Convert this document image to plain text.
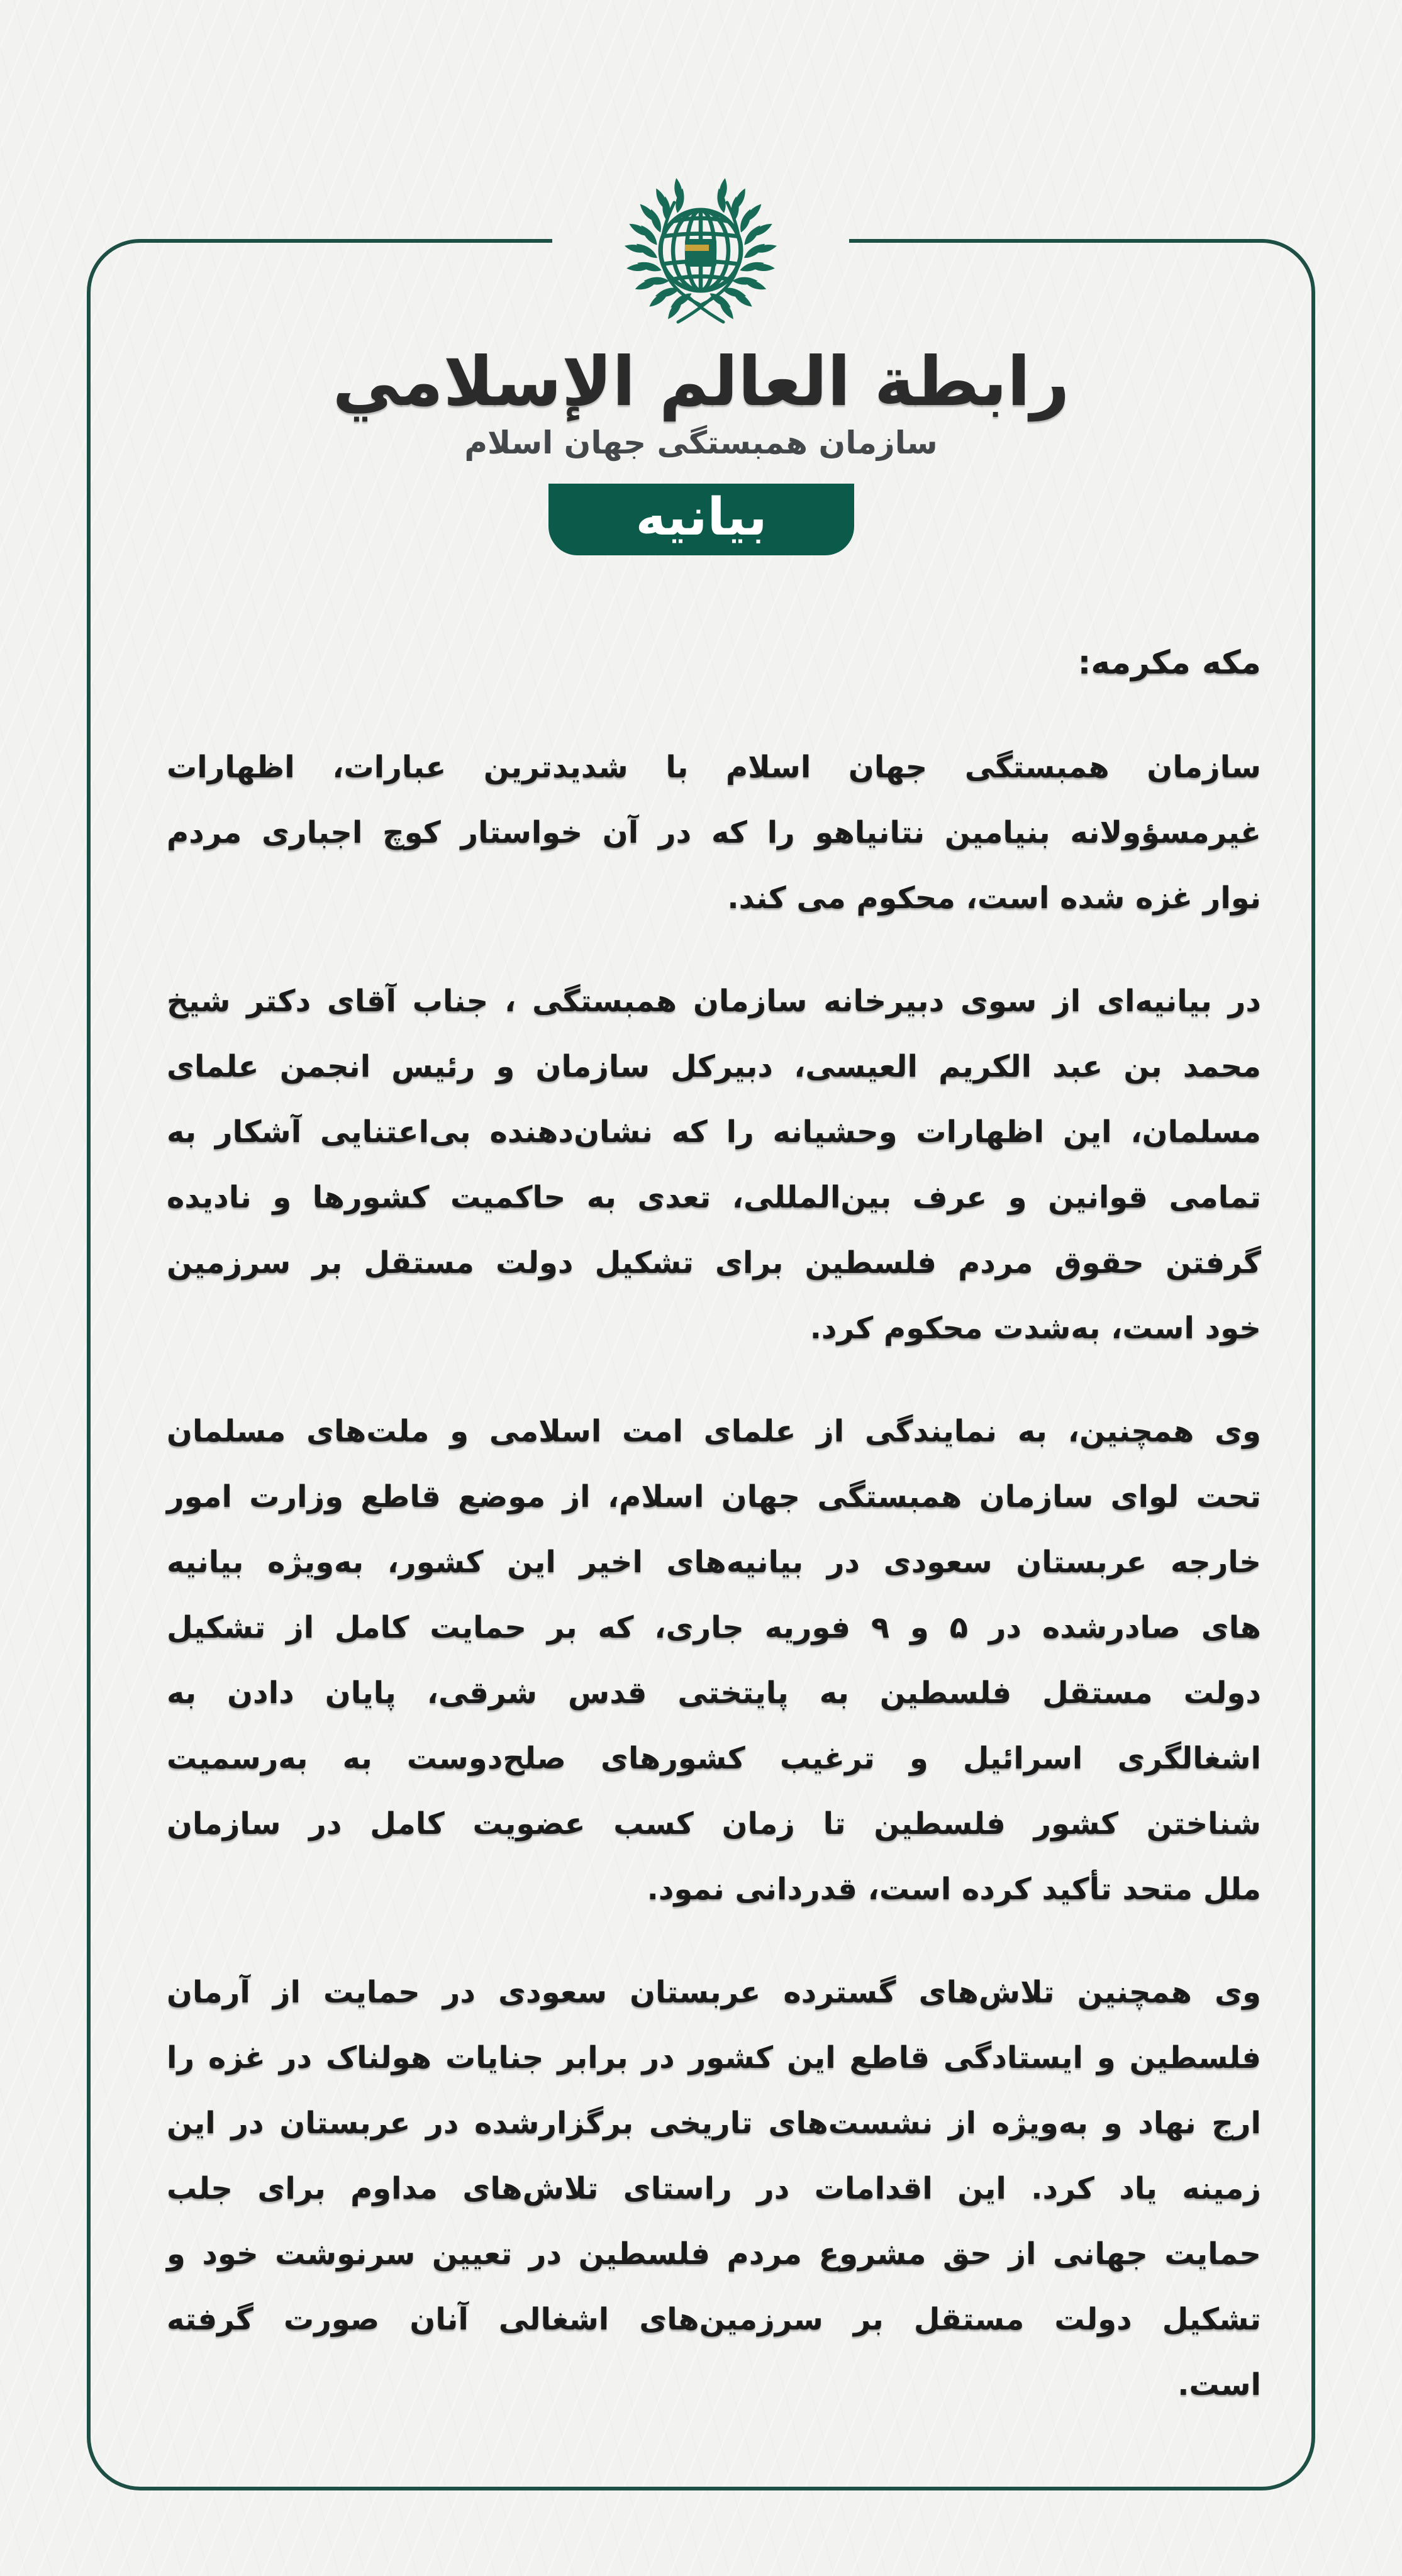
رابطة العالم الإسلامي
سازمان همبستگی جهان اسلام
بیانیه
مکه مکرمه:
سازمان همبستگی جهان اسلام با شدیدترین عبارات، اظهارات
غیرمسؤولانه بنیامین نتانیاهو را که در آن خواستار کوچ اجباری مردم
نوار غزه شده است، محکوم می کند.
در بیانیه‌ای از سوی دبیرخانه سازمان همبستگی ، جناب آقای دکتر شیخ
محمد بن عبد الکریم العیسی، دبیرکل سازمان و رئیس انجمن علمای
مسلمان، این اظهارات وحشیانه را که نشان‌دهنده بی‌اعتنایی آشکار به
تمامی قوانین و عرف بین‌المللی، تعدی به حاکمیت کشورها و نادیده
گرفتن حقوق مردم فلسطین برای تشکیل دولت مستقل بر سرزمین
خود است، به‌شدت محکوم کرد.
وی همچنین، به نمایندگی از علمای امت اسلامی و ملت‌های مسلمان
تحت لوای سازمان همبستگی جهان اسلام، از موضع قاطع وزارت امور
خارجه عربستان سعودی در بیانیه‌های اخیر این کشور، به‌ویژه بیانیه
های صادرشده در ۵ و ۹ فوریه جاری، که بر حمایت کامل از تشکیل
دولت مستقل فلسطین به پایتختی قدس شرقی، پایان دادن به
اشغالگری اسرائیل و ترغیب کشورهای صلح‌دوست به به‌رسمیت
شناختن کشور فلسطین تا زمان کسب عضویت کامل در سازمان
ملل متحد تأکید کرده است، قدردانی نمود.
وی همچنین تلاش‌های گسترده عربستان سعودی در حمایت از آرمان
فلسطین و ایستادگی قاطع این کشور در برابر جنایات هولناک در غزه را
ارج نهاد و به‌ویژه از نشست‌های تاریخی برگزارشده در عربستان در این
زمینه یاد کرد. این اقدامات در راستای تلاش‌های مداوم برای جلب
حمایت جهانی از حق مشروع مردم فلسطین در تعیین سرنوشت خود و
تشکیل دولت مستقل بر سرزمین‌های اشغالی آنان صورت گرفته
است.
